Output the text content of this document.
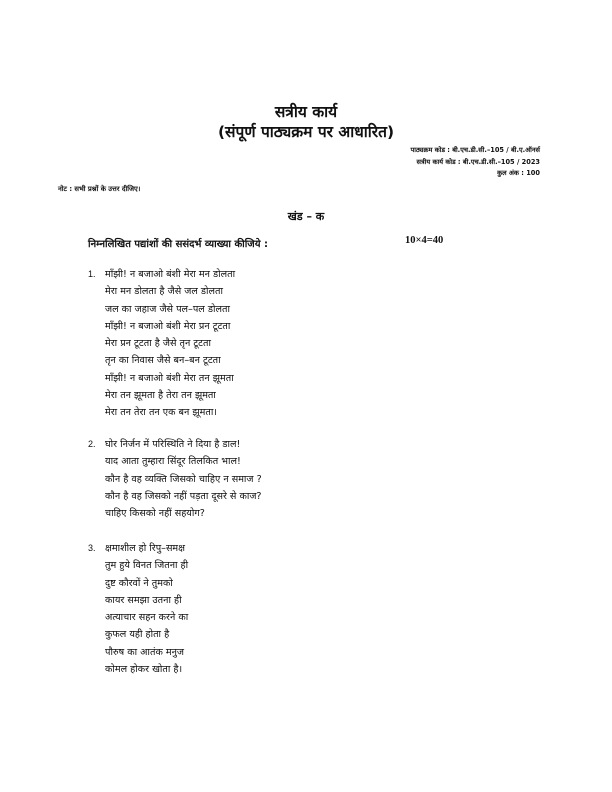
सत्रीय कार्य
(संपूर्ण पाठ्यक्रम पर आधारित)
पाठ्यक्रम कोड : बी.एच.डी.सी.–105 / बी.ए.ऑनर्स
सत्रीय कार्य कोड : बी.एच.डी.सी.–105 / 2023
कुल अंक : 100
नोट : सभी प्रश्नों के उत्तर दीजिए।
खंड – क
निम्नलिखित पद्यांशों की ससंदर्भ व्याख्या कीजिये :	10×4=40
1. माँझी! न बजाओ बंशी मेरा मन डोलता
मेरा मन डोलता है जैसे जल डोलता
जल का जहाज जैसे पल–पल डोलता
माँझी! न बजाओ बंशी मेरा प्रन टूटता
मेरा प्रन टूटता है जैसे तृन टूटता
तृन का निवास जैसे बन–बन टूटता
माँझी! न बजाओ बंशी मेरा तन झूमता
मेरा तन झूमता है तेरा तन झूमता
मेरा तन तेरा तन एक बन झूमता।
2. घोर निर्जन में परिस्थिति ने दिया है डाल!
याद आता तुम्हारा सिंदूर तिलकित भाल!
कौन है वह व्यक्ति जिसको चाहिए न समाज ?
कौन है वह जिसको नहीं पड़ता दूसरे से काज?
चाहिए किसको नहीं सहयोग?
3. क्षमाशील हो रिपु–समक्ष
तुम हुये विनत जितना ही
दुष्ट कौरवों ने तुमको
कायर समझा उतना ही
अत्याचार सहन करने का
कुफल यही होता है
पौरुष का आतंक मनुज
कोमल होकर खोता है।
